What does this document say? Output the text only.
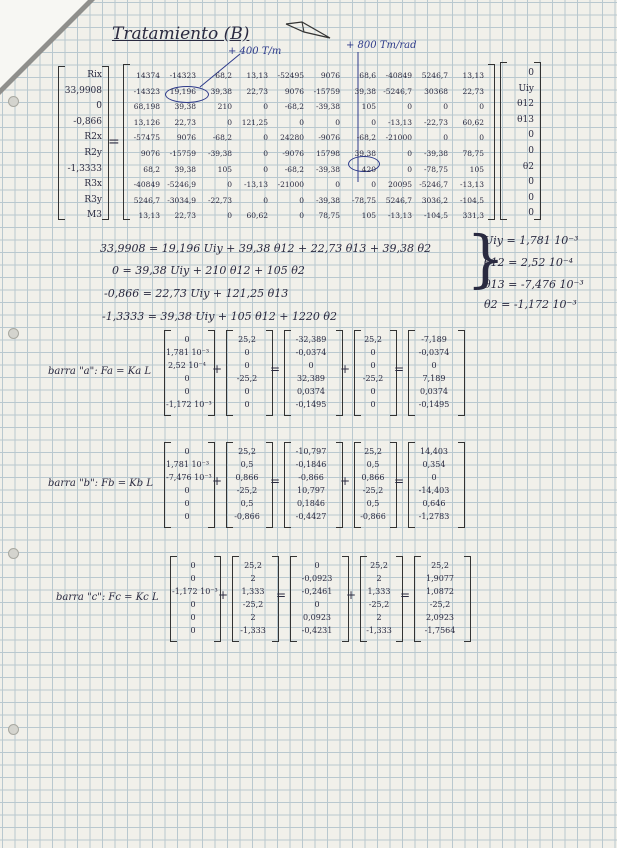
Tratamiento (B)
+ 400 T/m
+ 800 Tm/rad
Rix
33,9908
0
-0,866
R2x
R2y
-1,3333
R3x
R3y
M3
=
14374
-14323
68,198
13,126
-57475
9076
68,2
-40849
5246,7
13,13
-14323
19,196
39,38
22,73
9076
-15759
39,38
-5246,9
-3034,9
22,73
68,2
39,38
210
0
-68,2
-39,38
105
0
-22,73
0
13,13
22,73
0
121,25
0
0
0
-13,13
0
60,62
-52495
9076
-68,2
0
24280
-9076
-68,2
-21000
0
0
9076
-15759
-39,38
0
-9076
15798
-39,38
0
-39,38
78,75
68,6
39,38
105
0
-68,2
39,38
420
0
-78,75
105
-40849
-5246,7
0
-13,13
-21000
0
0
20095
5246,7
-13,13
5246,7
30368
0
-22,73
0
-39,38
-78,75
-5246,7
3036,2
-104,5
13,13
22,73
0
60,62
0
78,75
105
-13,13
-104,5
331,3
0
Uiy
θ12
θ13
0
0
θ2
0
0
0
33,9908 = 19,196 Uiy + 39,38 θ12 + 22,73 θ13 + 39,38 θ2
0 = 39,38 Uiy + 210 θ12 + 105 θ2
-0,866 = 22,73 Uiy + 121,25 θ13
-1,3333 = 39,38 Uiy + 105 θ12 + 1220 θ2
}
Uiy = 1,781 10⁻³
θ12 = 2,52 10⁻⁴
θ13 = -7,476 10⁻³
θ2 = -1,172 10⁻³
barra "a": Fa = Ka L
0
1,781 10⁻³
2,52 10⁻⁴
0
0
-1,172 10⁻³
+
25,2
0
0
-25,2
0
0
=
-32,389
-0,0374
0
32,389
0,0374
-0,1495
+
25,2
0
0
-25,2
0
0
=
-7,189
-0,0374
0
7,189
0,0374
-0,1495
barra "b": Fb = Kb L
0
1,781 10⁻³
-7,476 10⁻³
0
0
0
+
25,2
0,5
0,866
-25,2
0,5
-0,866
=
-10,797
-0,1846
-0,866
10,797
0,1846
-0,4427
+
25,2
0,5
0,866
-25,2
0,5
-0,866
=
14,403
0,354
0
-14,403
0,646
-1,2783
barra "c": Fc = Kc L
0
0
-1,172 10⁻³
0
0
0
+
25,2
2
1,333
-25,2
2
-1,333
=
0
-0,0923
-0,2461
0
0,0923
-0,4231
+
25,2
2
1,333
-25,2
2
-1,333
=
25,2
1,9077
1,0872
-25,2
2,0923
-1,7564
